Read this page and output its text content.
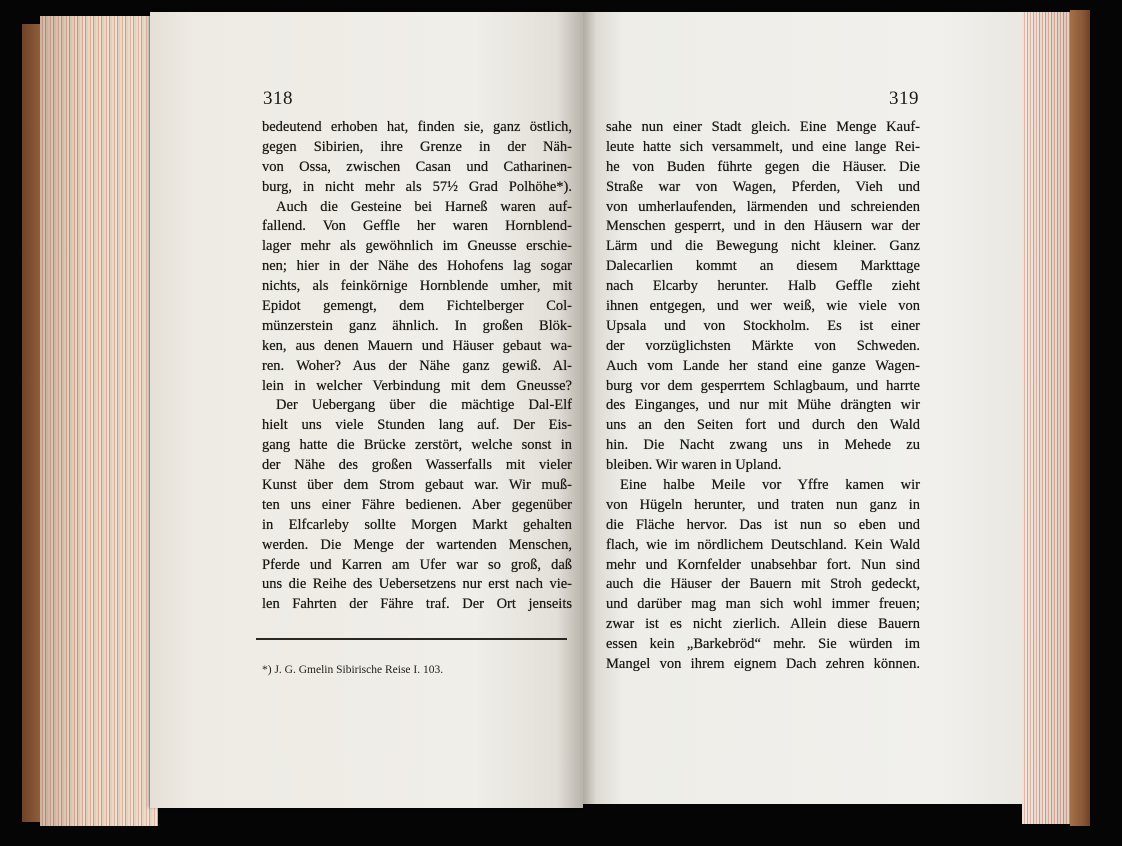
318	319
bedeutend erhoben hat, finden sie, ganz östlich,
gegen Sibirien, ihre Grenze in der Näh-
von Ossa, zwischen Casan und Catharinen-
burg, in nicht mehr als 57½ Grad Polhöhe*).
Auch die Gesteine bei Harneß waren auf-
fallend. Von Geffle her waren Hornblend-
lager mehr als gewöhnlich im Gneusse erschie-
nen; hier in der Nähe des Hohofens lag sogar
nichts, als feinkörnige Hornblende umher, mit
Epidot gemengt, dem Fichtelberger Col-
münzerstein ganz ähnlich. In großen Blök-
ken, aus denen Mauern und Häuser gebaut wa-
ren. Woher? Aus der Nähe ganz gewiß. Al-
lein in welcher Verbindung mit dem Gneusse?
Der Uebergang über die mächtige Dal-Elf
hielt uns viele Stunden lang auf. Der Eis-
gang hatte die Brücke zerstört, welche sonst in
der Nähe des großen Wasserfalls mit vieler
Kunst über dem Strom gebaut war. Wir muß-
ten uns einer Fähre bedienen. Aber gegenüber
in Elfcarleby sollte Morgen Markt gehalten
werden. Die Menge der wartenden Menschen,
Pferde und Karren am Ufer war so groß, daß
uns die Reihe des Uebersetzens nur erst nach vie-
len Fahrten der Fähre traf. Der Ort jenseits
sahe nun einer Stadt gleich. Eine Menge Kauf-
leute hatte sich versammelt, und eine lange Rei-
he von Buden führte gegen die Häuser. Die
Straße war von Wagen, Pferden, Vieh und
von umherlaufenden, lärmenden und schreienden
Menschen gesperrt, und in den Häusern war der
Lärm und die Bewegung nicht kleiner. Ganz
Dalecarlien kommt an diesem Markttage
nach Elcarby herunter. Halb Geffle zieht
ihnen entgegen, und wer weiß, wie viele von
Upsala und von Stockholm. Es ist einer
der vorzüglichsten Märkte von Schweden.
Auch vom Lande her stand eine ganze Wagen-
burg vor dem gesperrtem Schlagbaum, und harrte
des Einganges, und nur mit Mühe drängten wir
uns an den Seiten fort und durch den Wald
hin. Die Nacht zwang uns in Mehede zu
bleiben. Wir waren in Upland.
Eine halbe Meile vor Yffre kamen wir
von Hügeln herunter, und traten nun ganz in
die Fläche hervor. Das ist nun so eben und
flach, wie im nördlichem Deutschland. Kein Wald
mehr und Kornfelder unabsehbar fort. Nun sind
auch die Häuser der Bauern mit Stroh gedeckt,
und darüber mag man sich wohl immer freuen;
zwar ist es nicht zierlich. Allein diese Bauern
essen kein „Barkebröd“ mehr. Sie würden im
Mangel von ihrem eignem Dach zehren können.
*) J. G. Gmelin Sibirische Reise I. 103.
